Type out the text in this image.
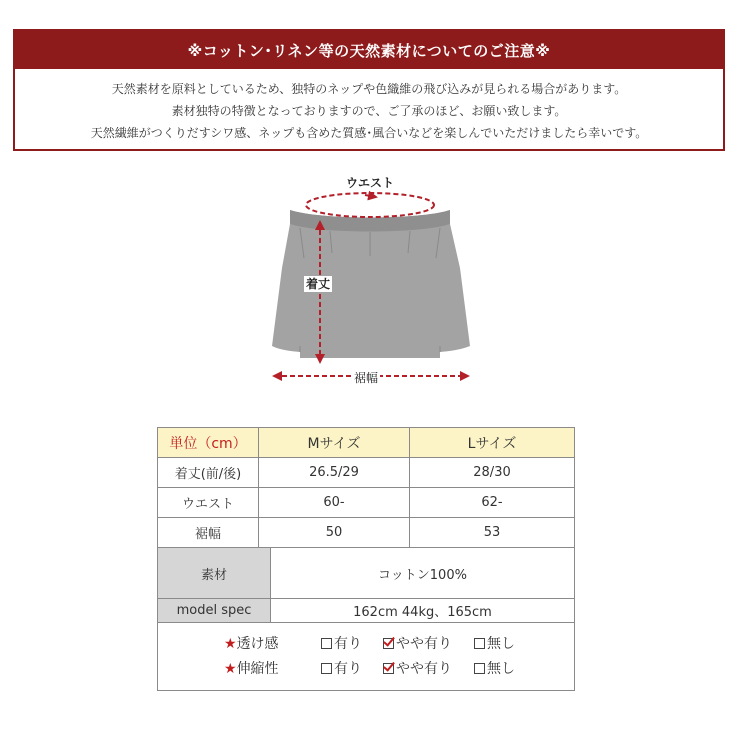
※コットン･リネン等の天然素材についてのご注意※
天然素材を原料としているため、独特のネップや色織維の飛び込みが見られる場合があります。
素材独特の特徴となっておりますので、ご了承のほど、お願い致します。
天然繊維がつくりだすシワ感、ネップも含めた質感･風合いなどを楽しんでいただけましたら幸いです。
ウエスト
着丈
裾幅
単位（cm）	Mサイズ	Lサイズ
着丈(前/後)	26.5/29	28/30
ウエスト	60-	62-
裾幅	50	53
素材	コットン100%
model spec	162cm 44kg、165cm
★透け感	有り	やや有り	無し
★伸縮性	有り	やや有り	無し
